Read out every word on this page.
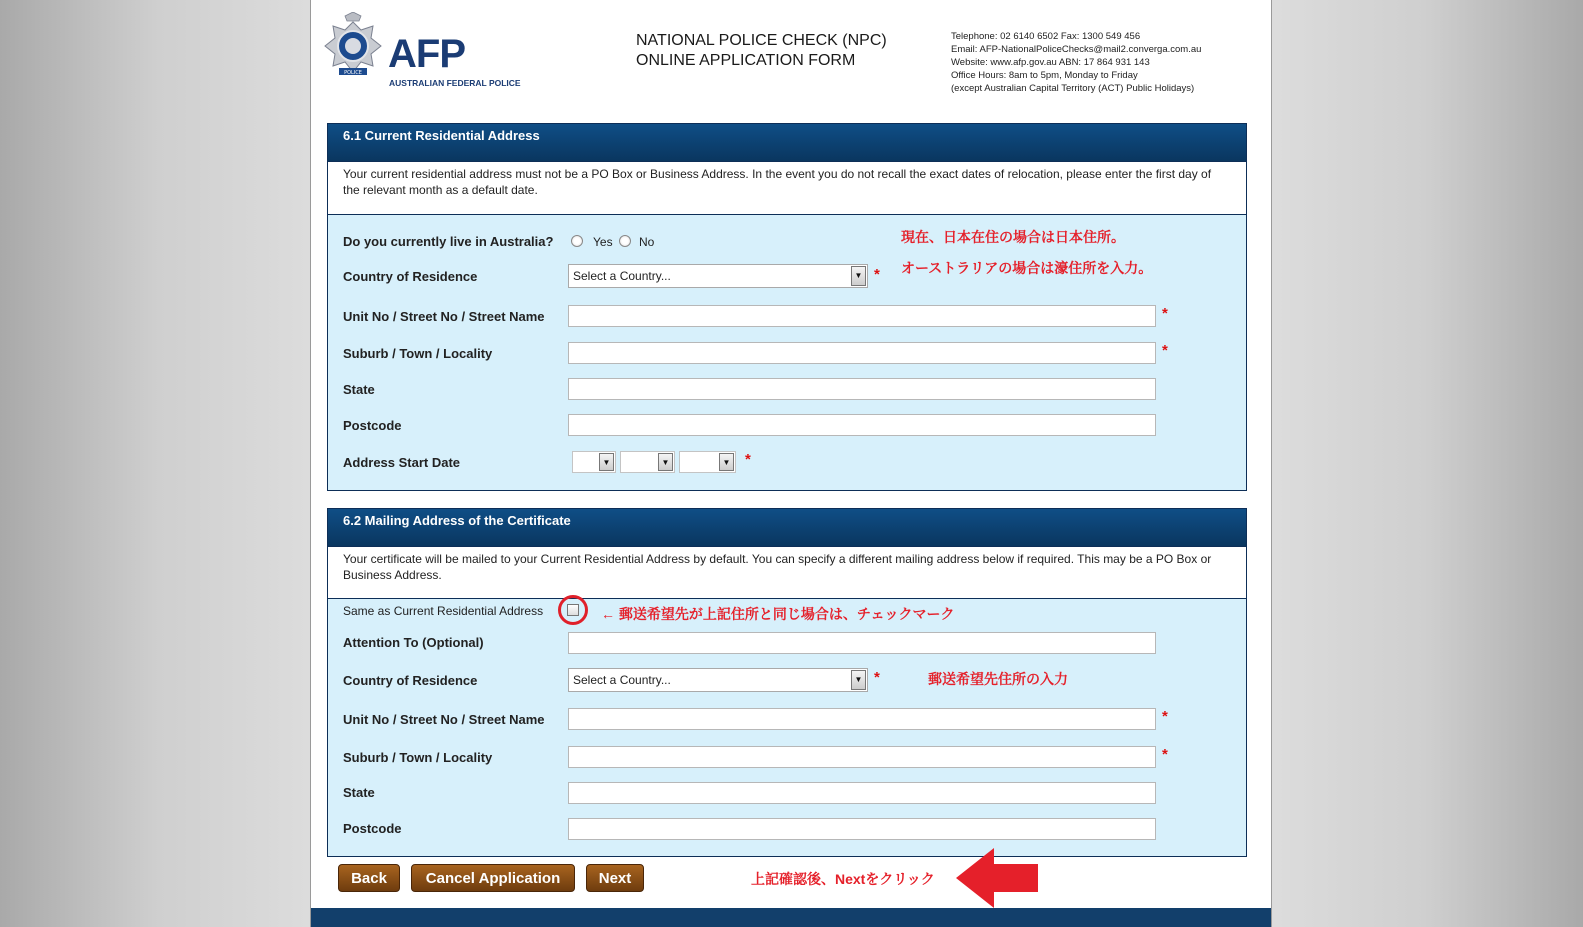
POLICE AFP
AUSTRALIAN FEDERAL POLICE
NATIONAL POLICE CHECK (NPC)
ONLINE APPLICATION FORM
Telephone: 02 6140 6502 Fax: 1300 549 456
Email: AFP-NationalPoliceChecks@mail2.converga.com.au
Website: www.afp.gov.au ABN: 17 864 931 143
Office Hours: 8am to 5pm, Monday to Friday
(except Australian Capital Territory (ACT) Public Holidays)
6.1 Current Residential Address
Your current residential address must not be a PO Box or Business Address. In the event you do not recall the exact dates of relocation, please enter the first day of the relevant month as a default date.
Do you currently live in Australia?	Yes No
Country of Residence	Select a Country...	▼ *
Unit No / Street No / Street Name	*
Suburb / Town / Locality	*
State
Postcode
Address Start Date	▼	▼	▼ *
6.2 Mailing Address of the Certificate
Your certificate will be mailed to your Current Residential Address by default. You can specify a different mailing address below if required. This may be a PO Box or Business Address.
Same as Current Residential Address
Attention To (Optional)
Country of Residence	Select a Country...	▼ *
Unit No / Street No / Street Name	*
Suburb / Town / Locality	*
State
Postcode
Back	Cancel Application	Next
現在、日本在住の場合は日本住所。
オーストラリアの場合は濠住所を入力。
← 郵送希望先が上記住所と同じ場合は、チェックマーク
郵送希望先住所の入力
上記確認後、Nextをクリック
